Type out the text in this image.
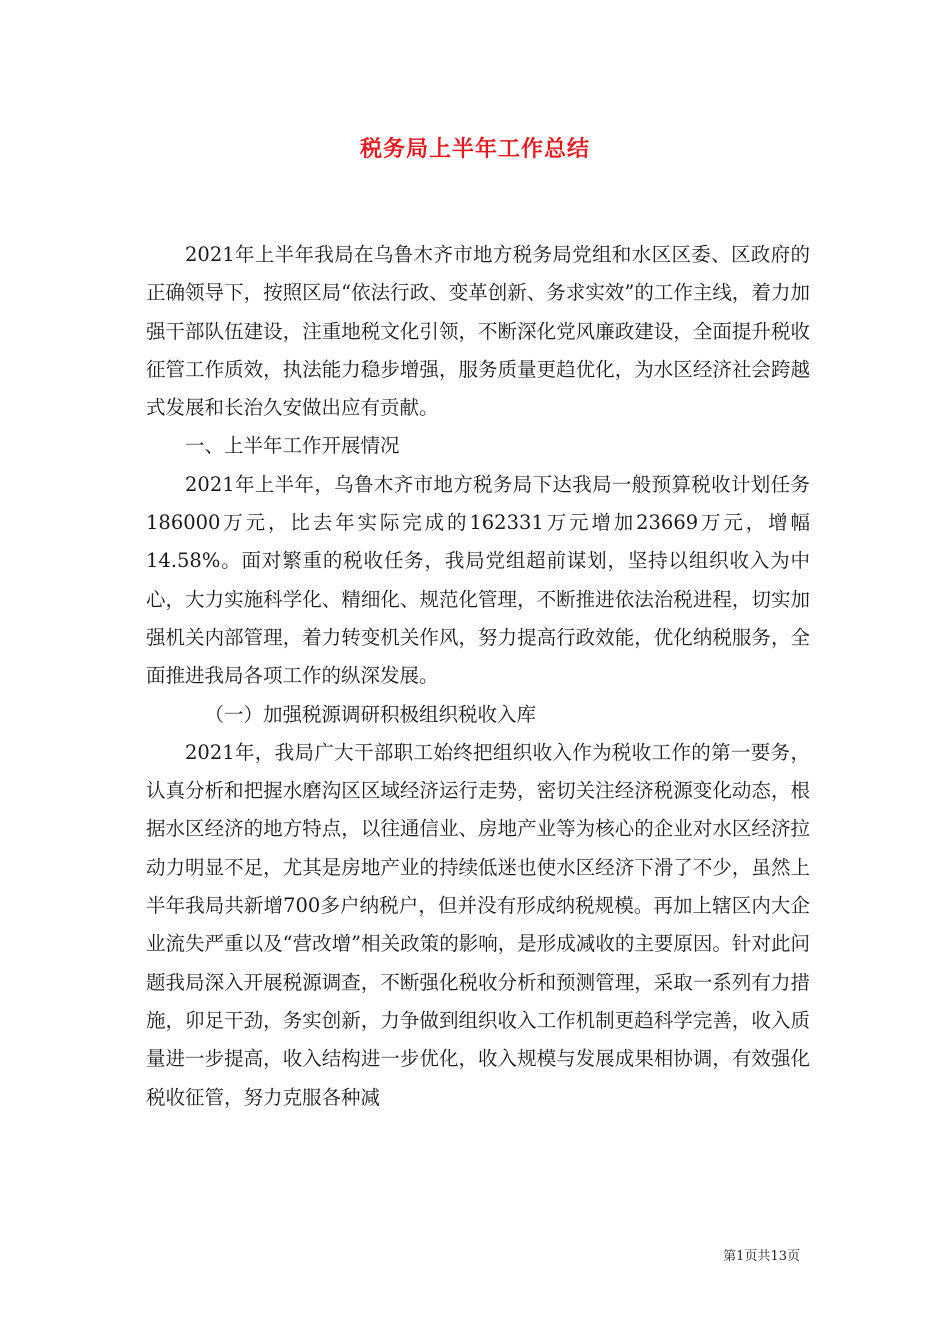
税务局上半年工作总结

2021年上半年我局在乌鲁木齐市地方税务局党组和水区区委、区政府的正确领导下，按照区局“依法行政、变革创新、务求实效”的工作主线，着力加强干部队伍建设，注重地税文化引领，不断深化党风廉政建设，全面提升税收征管工作质效，执法能力稳步增强，服务质量更趋优化，为水区经济社会跨越式发展和长治久安做出应有贡献。

一、上半年工作开展情况

2021年上半年，乌鲁木齐市地方税务局下达我局一般预算税收计划任务186000万元，比去年实际完成的162331万元增加23669万元，增幅14.58%。面对繁重的税收任务，我局党组超前谋划，坚持以组织收入为中心，大力实施科学化、精细化、规范化管理，不断推进依法治税进程，切实加强机关内部管理，着力转变机关作风，努力提高行政效能，优化纳税服务，全面推进我局各项工作的纵深发展。

（一）加强税源调研积极组织税收入库

2021年，我局广大干部职工始终把组织收入作为税收工作的第一要务，认真分析和把握水磨沟区区域经济运行走势，密切关注经济税源变化动态，根据水区经济的地方特点，以往通信业、房地产业等为核心的企业对水区经济拉动力明显不足，尤其是房地产业的持续低迷也使水区经济下滑了不少，虽然上半年我局共新增700多户纳税户，但并没有形成纳税规模。再加上辖区内大企业流失严重以及“营改增”相关政策的影响，是形成减收的主要原因。针对此问题我局深入开展税源调查，不断强化税收分析和预测管理，采取一系列有力措施，卯足干劲，务实创新，力争做到组织收入工作机制更趋科学完善，收入质量进一步提高，收入结构进一步优化，收入规模与发展成果相协调，有效强化税收征管，努力克服各种减

第1页共13页
